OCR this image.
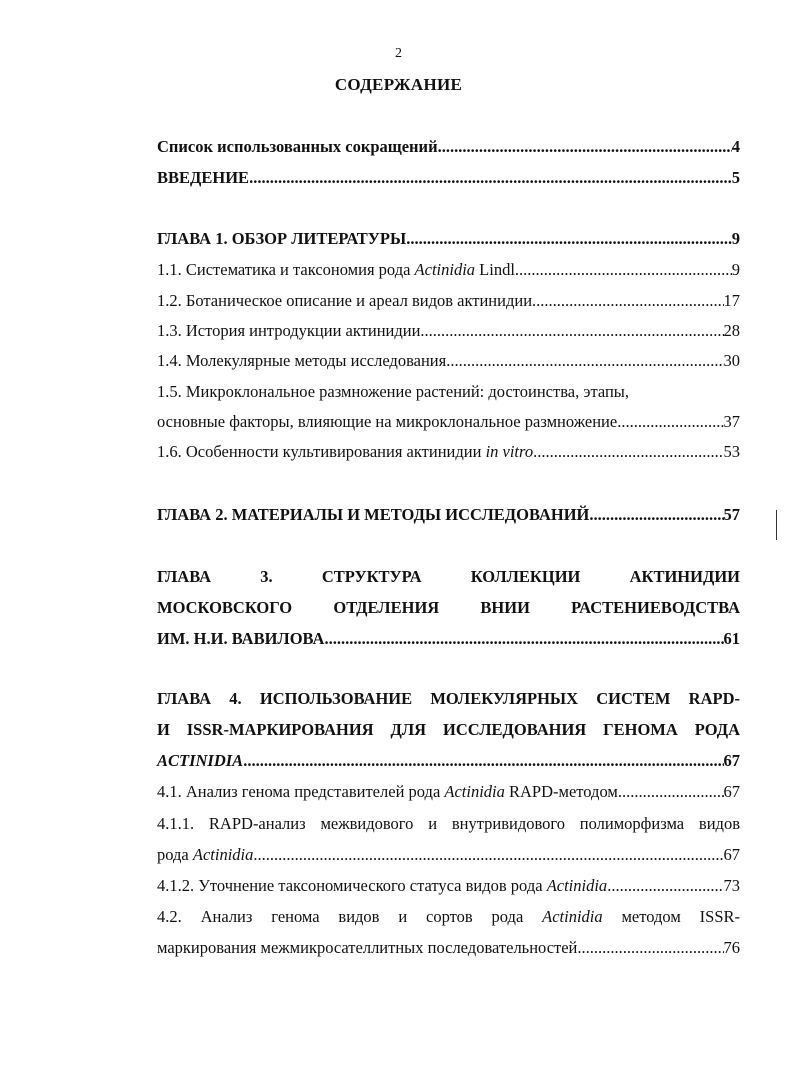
2
СОДЕРЖАНИЕ
Список использованных сокращений .....	4
ВВЕДЕНИЕ .....	5
ГЛАВА 1. ОБЗОР ЛИТЕРАТУРЫ .....	9
1.1. Систематика и таксономия рода Actinidia Lindl .....	9
1.2. Ботаническое описание и ареал видов актинидии .....	17
1.3. История интродукции актинидии .....	28
1.4. Молекулярные методы исследования .....	30
1.5. Микроклональное размножение растений: достоинства, этапы,
основные факторы, влияющие на микроклональное размножение .....	37
1.6. Особенности культивирования актинидии in vitro .....	53
ГЛАВА 2. МАТЕРИАЛЫ И МЕТОДЫ ИССЛЕДОВАНИЙ .....	57
ГЛАВА 3. СТРУКТУРА КОЛЛЕКЦИИ АКТИНИДИИ
МОСКОВСКОГО ОТДЕЛЕНИЯ ВНИИ РАСТЕНИЕВОДСТВА
ИМ. Н.И. ВАВИЛОВА .....	61
ГЛАВА 4. ИСПОЛЬЗОВАНИЕ МОЛЕКУЛЯРНЫХ СИСТЕМ RAPD-
И ISSR-МАРКИРОВАНИЯ ДЛЯ ИССЛЕДОВАНИЯ ГЕНОМА РОДА
ACTINIDIA .....	67
4.1. Анализ генома представителей рода Actinidia RAPD-методом .....	67
4.1.1. RAPD-анализ межвидового и внутривидового полиморфизма видов
рода Actinidia .....	67
4.1.2. Уточнение таксономического статуса видов рода Actinidia .....	73
4.2. Анализ генома видов и сортов рода Actinidia методом ISSR-
маркирования межмикросателлитных последовательностей .....	76
